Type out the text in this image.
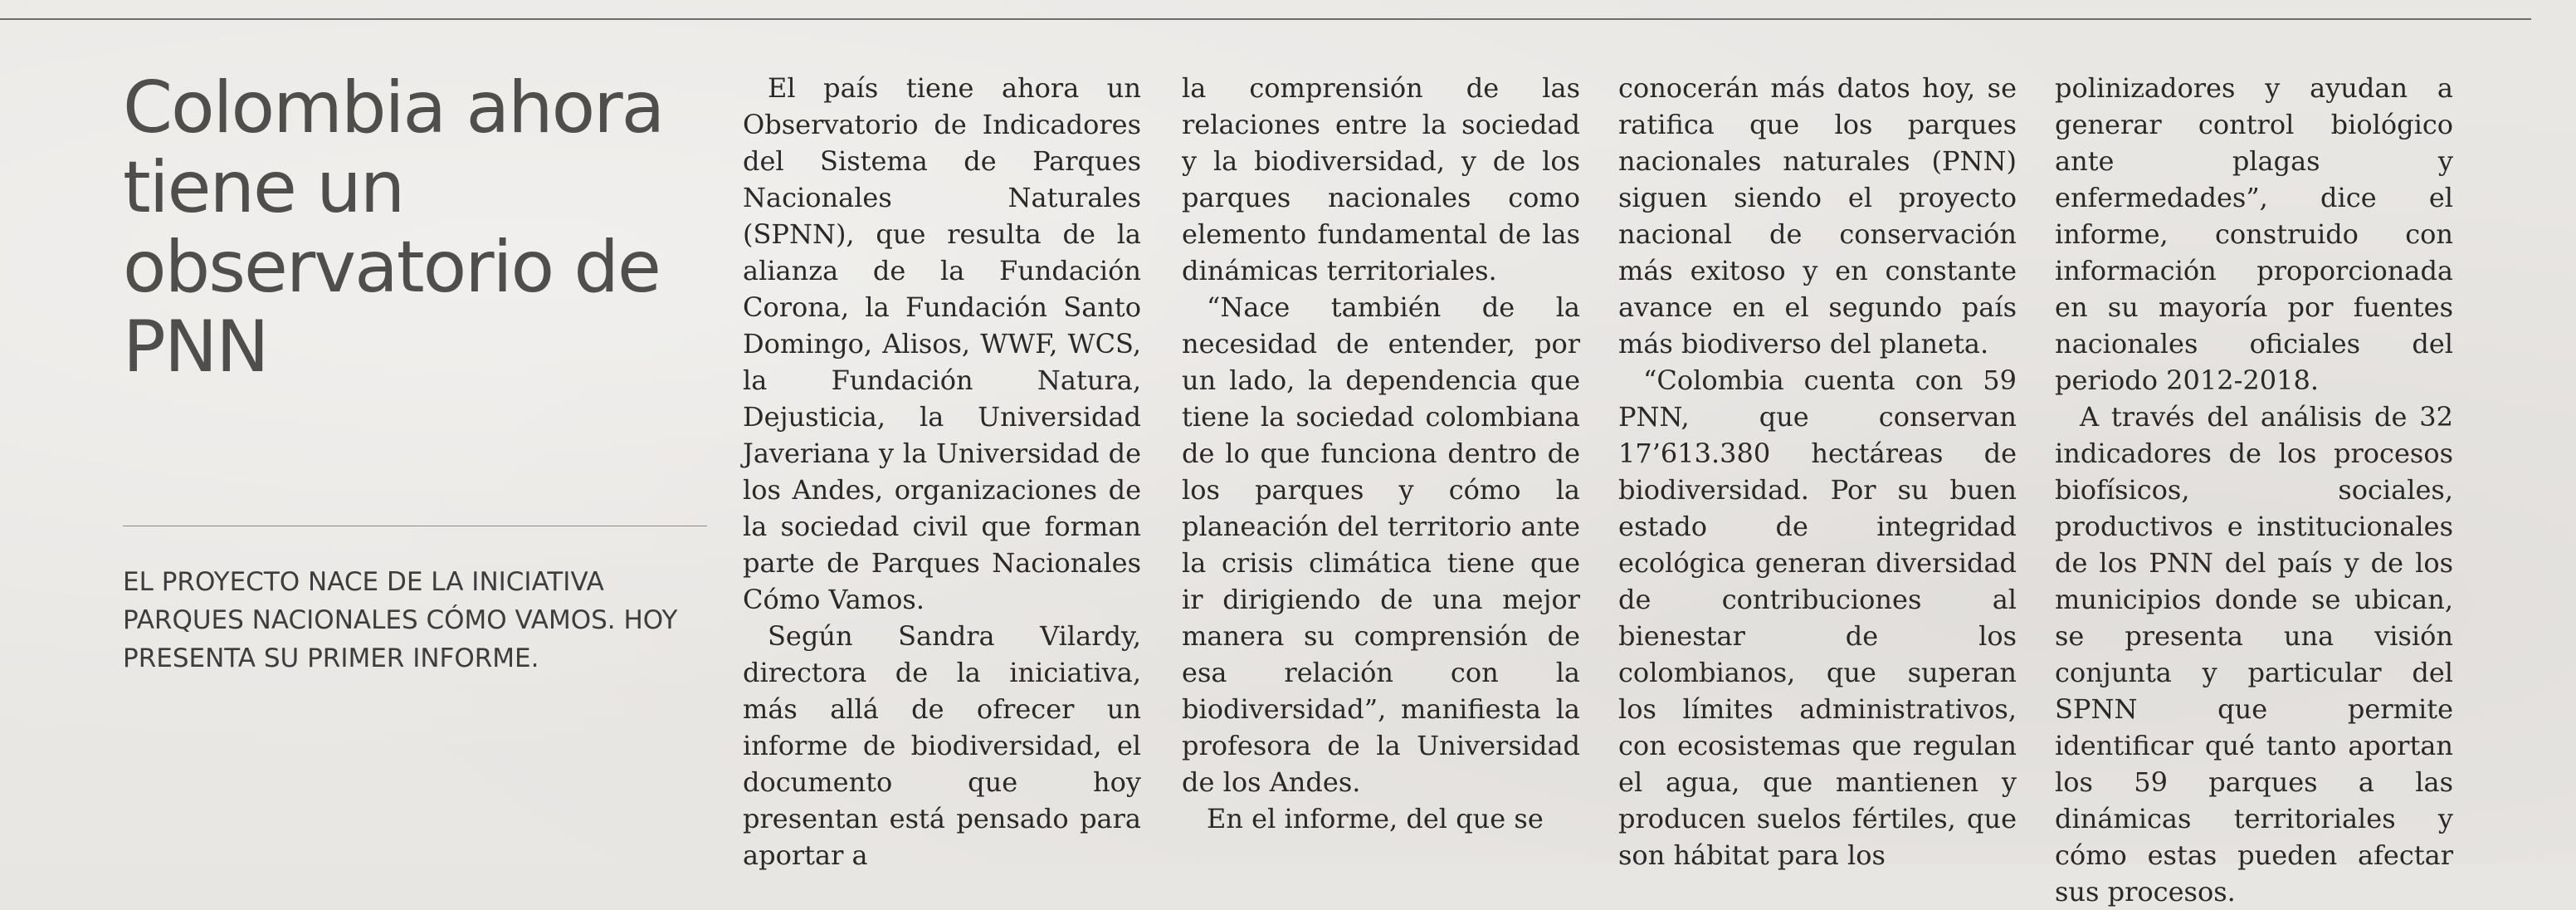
Colombia ahora tiene un observatorio de PNN
EL PROYECTO NACE DE LA INICIATIVA PARQUES NACIONALES CÓMO VAMOS. HOY PRESENTA SU PRIMER INFORME.

El país tiene ahora un Observatorio de Indicadores del Sistema de Parques Nacionales Naturales (SPNN), que resulta de la alianza de la Fundación Corona, la Fundación Santo Domingo, Alisos, WWF, WCS, la Fundación Natura, Dejusticia, la Universidad Javeriana y la Universidad de los Andes, organizaciones de la sociedad civil que forman parte de Parques Nacionales Cómo Vamos.

Según Sandra Vilardy, directora de la iniciativa, más allá de ofrecer un informe de biodiversidad, el documento que hoy presentan está pensado para aportar a

la comprensión de las relaciones entre la sociedad y la biodiversidad, y de los parques nacionales como elemento fundamental de las dinámicas territoriales.

“Nace también de la necesidad de entender, por un lado, la dependencia que tiene la sociedad colombiana de lo que funciona dentro de los parques y cómo la planeación del territorio ante la crisis climática tiene que ir dirigiendo de una mejor manera su comprensión de esa relación con la biodiversidad”, manifiesta la profesora de la Universidad de los Andes.

En el informe, del que se

conocerán más datos hoy, se ratifica que los parques nacionales naturales (PNN) siguen siendo el proyecto nacional de conservación más exitoso y en constante avance en el segundo país más biodiverso del planeta.

“Colombia cuenta con 59 PNN, que conservan 17’613.380 hectáreas de biodiversidad. Por su buen estado de integridad ecológica generan diversidad de contribuciones al bienestar de los colombianos, que superan los límites administrativos, con ecosistemas que regulan el agua, que mantienen y producen suelos fértiles, que son hábitat para los

polinizadores y ayudan a generar control biológico ante plagas y enfermedades”, dice el informe, construido con información proporcionada en su mayoría por fuentes nacionales oficiales del periodo 2012-2018.

A través del análisis de 32 indicadores de los procesos biofísicos, sociales, productivos e institucionales de los PNN del país y de los municipios donde se ubican, se presenta una visión conjunta y particular del SPNN que permite identificar qué tanto aportan los 59 parques a las dinámicas territoriales y cómo estas pueden afectar sus procesos.
